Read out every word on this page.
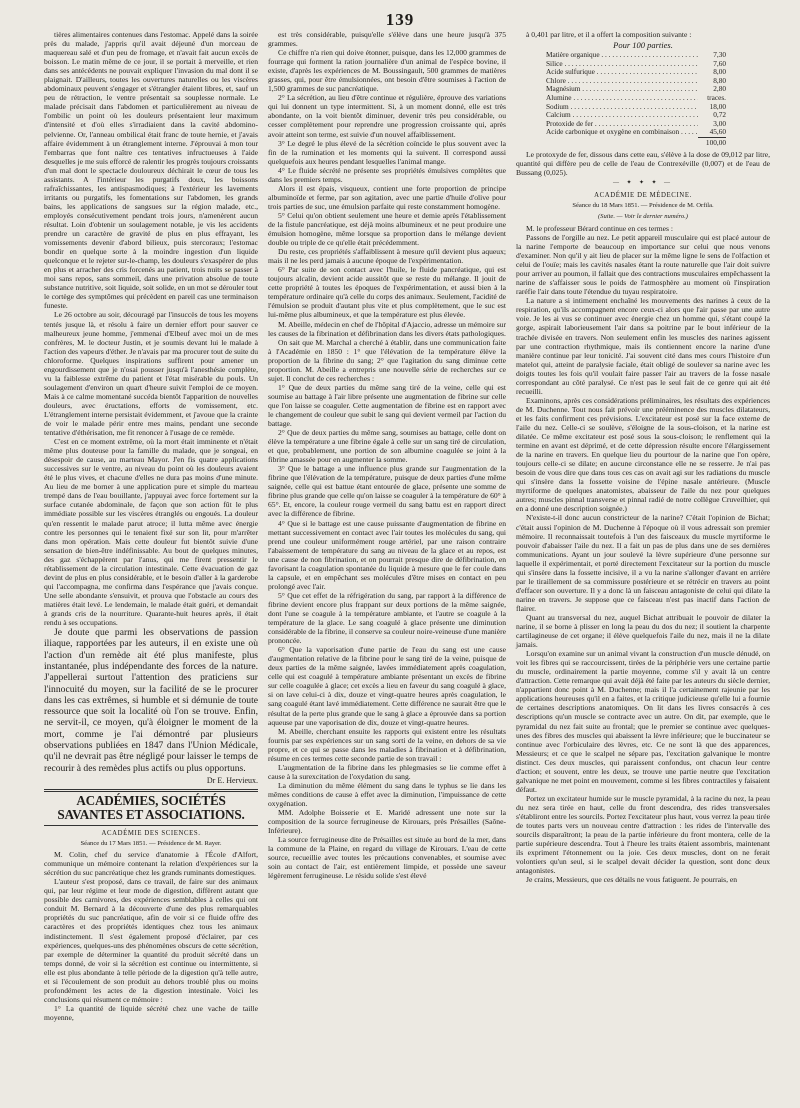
139

tières alimentaires contenues dans l'estomac. Appelé dans la soirée près du malade, j'appris qu'il avait déjeuné d'un morceau de maquereau salé et d'un peu de fromage, et n'avait fait aucun excès de boisson. Le matin même de ce jour, il se portait à merveille, et rien dans ses antécédents ne pouvait expliquer l'invasion du mal dont il se plaignait. D'ailleurs, toutes les ouvertures naturelles ou les viscères abdominaux peuvent s'engager et s'étrangler étaient libres, et, sauf un peu de rétraction, le ventre présentait sa souplesse normale. Le malade précisait dans l'abdomen et particulièrement au niveau de l'ombilic un point où les douleurs présentaient leur maximum d'intensité et d'où elles s'irradiaient dans la cavité abdomino-pelvienne. Or, l'anneau ombilical était franc de toute hernie, et j'avais affaire évidemment à un étranglement interne. J'éprouvai à mon tour l'embarras que font naître ces tentatives infructueuses à l'aide desquelles je me suis efforcé de ralentir les progrès toujours croissants d'un mal dont le spectacle douloureux déchirait le cœur de tous les assistants. A l'intérieur les purgatifs doux, les boissons rafraîchissantes, les antispasmodiques; à l'extérieur les lavements irritants ou purgatifs, les fomentations sur l'abdomen, les grands bains, les applications de sangsues sur la région malade, etc., employés consécutivement pendant trois jours, n'amenèrent aucun résultat. Loin d'obtenir un soulagement notable, je vis les accidents prendre un caractère de gravité de plus en plus effrayant, les vomissements devenir d'abord bilieux, puis stercoraux; l'estomac bondir en quelque sorte à la moindre ingestion d'un liquide quelconque et le rejeter sur-le-champ, les douleurs s'exaspérer de plus en plus et arracher des cris forcenés au patient, trois nuits se passer à moi sans repos, sans sommeil, dans une privation absolue de toute substance nutritive, soit liquide, soit solide, en un mot se dérouler tout le cortège des symptômes qui précèdent en pareil cas une terminaison funeste.

Le 26 octobre au soir, découragé par l'insuccès de tous les moyens tentés jusque là, et résolu à faire un dernier effort pour sauver ce malheureux jeune homme, j'emmenai d'Elbeuf avec moi un de mes confrères, M. le docteur Justin, et je soumis devant lui le malade à l'action des vapeurs d'éther. Je n'avais par ma procurer tout de suite du chloroforme. Quelques inspirations suffirent pour amener un engourdissement que je n'osai pousser jusqu'à l'anesthésie complète, vu la faiblesse extrême du patient et l'état misérable du pouls. Un soulagement d'environ un quart d'heure suivit l'emploi de ce moyen. Mais à ce calme momentané succéda bientôt l'apparition de nouvelles douleurs, avec éructations, efforts de vomissement, etc. L'étranglement interne persistait évidemment, et j'avoue que la crainte de voir le malade périr entre mes mains, pendant une seconde tentative d'éthérisation, me fit renoncer à l'usage de ce remède.

C'est en ce moment extrême, où la mort était imminente et n'était même plus douteuse pour la famille du malade, que je songeai, en désespoir de cause, au marteau Mayor. J'en fis quatre applications successives sur le ventre, au niveau du point où les douleurs avaient été le plus vives, et chacune d'elles ne dura pas moins d'une minute. Au lieu de me borner à une application pure et simple du marteau trempé dans de l'eau bouillante, j'appuyai avec force fortement sur la surface cutanée abdominale, de façon que son action fût le plus immédiate possible sur les viscères étranglés ou engoués. La douleur qu'en ressentit le malade parut atroce; il lutta même avec énergie contre les personnes qui le tenaient fixé sur son lit, pour m'arrêter dans mon opération. Mais cette douleur fut bientôt suivie d'une sensation de bien-être indéfinissable. Au bout de quelques minutes, des gaz s'échappèrent par l'anus, qui me firent pressentir le rétablissement de la circulation intestinale. Cette évacuation de gaz devint de plus en plus considérable, et le besoin d'aller à la garderobe qui l'accompagna, me confirma dans l'espérance que j'avais conçue. Une selle abondante s'ensuivit, et prouva que l'obstacle au cours des matières était levé. Le lendemain, le malade était guéri, et demandait à grands cris de la nourriture. Quarante-huit heures après, il était rendu à ses occupations.

Je doute que parmi les observations de passion iliaque, rapportées par les auteurs, il en existe une où l'action d'un remède ait été plus manifeste, plus instantanée, plus indépendante des forces de la nature. J'appellerai surtout l'attention des praticiens sur l'innocuité du moyen, sur la facilité de se le procurer dans les cas extrêmes, si humble et si démunie de toute ressource que soit la localité où l'on se trouve. Enfin, ne servit-il, ce moyen, qu'à éloigner le moment de la mort, comme je l'ai démontré par plusieurs observations publiées en 1847 dans l'Union Médicale, qu'il ne devrait pas être négligé pour laisser le temps de recourir à des remèdes plus actifs ou plus opportuns.

Dr E. Hervieux.
ACADÉMIES, SOCIÉTÉS SAVANTES ET ASSOCIATIONS.
ACADÉMIE DES SCIENCES.
Séance du 17 Mars 1851. — Présidence de M. Rayer.

M. Colin, chef du service d'anatomie à l'École d'Alfort, communique un mémoire contenant la relation d'expériences sur la sécrétion du suc pancréatique chez les grands ruminants domestiques.

L'auteur s'est proposé, dans ce travail, de faire sur des animaux qui, par leur régime et leur mode de digestion, diffèrent autant que possible des carnivores, des expériences semblables à celles qui ont conduit M. Bernard à la découverte d'une des plus remarquables propriétés du suc pancréatique, afin de voir si ce fluide offre des caractères et des propriétés identiques chez tous les animaux indistinctement. Il s'est également proposé d'éclairer, par ces expériences, quelques-uns des phénomènes obscurs de cette sécrétion, par exemple de déterminer la quantité du produit sécrété dans un temps donné, de voir si la sécrétion est continue ou intermittente, si elle est plus abondante à telle période de la digestion qu'à telle autre, et si l'écoulement de son produit au dehors troublé plus ou moins profondément les actes de la digestion intestinale. Voici les conclusions qui résument ce mémoire :

1° La quantité de liquide sécrété chez une vache de taille moyenne,

est très considérable, puisqu'elle s'élève dans une heure jusqu'à 375 grammes.

Ce chiffre n'a rien qui doive étonner, puisque, dans les 12,000 grammes de fourrage qui forment la ration journalière d'un animal de l'espèce bovine, il existe, d'après les expériences de M. Boussingault, 500 grammes de matières grasses, qui, pour être émulsionnées, ont besoin d'être soumises à l'action de 1,500 grammes de suc pancréatique.

2° La sécrétion, au lieu d'être continue et régulière, éprouve des variations qui lui donnent un type intermittent. Si, à un moment donné, elle est très abondante, on la voit bientôt diminuer, devenir très peu considérable, ou cesser complètement pour reprendre une progression croissante qui, après avoir atteint son terme, est suivie d'un nouvel affaiblissement.

3° Le degré le plus élevé de la sécrétion coïncide le plus souvent avec la fin de la rumination et les moments qui la suivent. Il correspond aussi quelquefois aux heures pendant lesquelles l'animal mange.

4° Le fluide sécrété ne présente ses propriétés émulsives complètes que dans les premiers temps.

Alors il est épais, visqueux, contient une forte proportion de principe albuminoïde et ferme, par son agitation, avec une partie d'huile d'olive pour trois parties de suc, une émulsion parfaite qui reste constamment homogène.

5° Celui qu'on obtient seulement une heure et demie après l'établissement de la fistule pancréatique, est déjà moins albumineux et ne peut produire une émulsion homogène, même lorsque sa proportion dans le mélange devient double ou triple de ce qu'elle était précédemment.

Du reste, ces propriétés s'affaiblissent à mesure qu'il devient plus aqueux; mais il ne les perd jamais à aucune époque de l'expérimentation.

6° Par suite de son contact avec l'huile, le fluide pancréatique, qui est toujours alcalin, devient acide aussitôt que se reste du mélange. Il jouit de cette propriété à toutes les époques de l'expérimentation, et aussi bien à la température ordinaire qu'à celle du corps des animaux. Seulement, l'acidité de l'émulsion se produit d'autant plus vite et plus complètement, que le suc est lui-même plus albumineux, et que la température est plus élevée.

M. Abeille, médecin en chef de l'hôpital d'Ajaccio, adresse un mémoire sur les causes de la fibrination et défibrination dans les divers états pathologiques.

On sait que M. Marchal a cherché à établir, dans une communication faite à l'Académie en 1850 : 1° que l'élévation de la température élève la proportion de la fibrine du sang; 2° que l'agitation du sang diminue cette proportion. M. Abeille a entrepris une nouvelle série de recherches sur ce sujet. Il conclut de ces recherches :

1° Que de deux parties du même sang tiré de la veine, celle qui est soumise au battage à l'air libre présente une augmentation de fibrine sur celle que l'on laisse se coaguler. Cette augmentation de fibrine est en rapport avec le changement de couleur que subit le sang qui devient vermeil par l'action du battage.

2° Que de deux parties du même sang, soumises au battage, celle dont on élève la température a une fibrine égale à celle sur un sang tiré de circulation, et que, probablement, une portion de son albumine coagulée se joint à la fibrine amassée pour en augmenter la somme.

3° Que le battage a une influence plus grande sur l'augmentation de la fibrine que l'élévation de la température, puisque de deux parties d'une même saignée, celle qui est battue étant entourée de glace, présente une somme de fibrine plus grande que celle qu'on laisse se coaguler à la température de 60° à 65°. Et, encore, la couleur rouge vermeil du sang battu est en rapport direct avec la différence de fibrine.

4° Que si le battage est une cause puissante d'augmentation de fibrine en mettant successivement en contact avec l'air toutes les molécules du sang, qui prend une couleur uniformément rouge artériel, par une raison contraire l'abaissement de température du sang au niveau de la glace et au repos, est une cause de non fibrination, et on pourrait presque dire de défibrination, en favorisant la coagulation spontanée du liquide à mesure que le fer coule dans la capsule, et en empêchant ses molécules d'être mises en contact en peu prolongé avec l'air.

5° Que cet effet de la réfrigération du sang, par rapport à la différence de fibrine devient encore plus frappant sur deux portions de la même saignée, dont l'une se coagule à la température ambiante, et l'autre se coagule à la température de la glace. Le sang coagulé à glace présente une diminution considérable de la fibrine, il conserve sa couleur noire-veineuse d'une manière prononcée.

6° Que la vaporisation d'une partie de l'eau du sang est une cause d'augmentation relative de la fibrine pour le sang tiré de la veine, puisque de deux parties de la même saignée, lavées immédiatement après coagulation, celle qui est coagulé à température ambiante présentant un excès de fibrine sur celle coagulée à glace; cet excès a lieu en faveur du sang coagulé à glace, si on lave celui-ci à dix, douze et vingt-quatre heures après coagulation, le sang coagulé étant lavé immédiatement. Cette différence ne saurait être que le résultat de la perte plus grande que le sang à glace a éprouvée dans sa portion aqueuse par une vaporisation de dix, douze et vingt-quatre heures.

M. Abeille, cherchant ensuite les rapports qui existent entre les résultats fournis par ses expériences sur un sang sorti de la veine, en dehors de sa vie propre, et ce qui se passe dans les maladies à fibrination et à défibrination, résume en ces termes cette seconde partie de son travail :

L'augmentation de la fibrine dans les phlegmasies se lie comme effet à cause à la surexcitation de l'oxydation du sang.

La diminution du même élément du sang dans le typhus se lie dans les mêmes conditions de cause à effet avec la diminution, l'impuissance de cette oxygénation.

MM. Adolphe Boisserie et E. Maridé adressent une note sur la composition de la source ferrugineuse de Kirouars, près Présailles (Saône-Inférieure).

La source ferrugineuse dite de Présailles est située au bord de la mer, dans la commune de la Plaine, en regard du village de Kirouars. L'eau de cette source, recueillie avec toutes les précautions convenables, et soumise avec soin au contact de l'air, est entièrement limpide, et possède une saveur légèrement ferrugineuse. Le résidu solide s'est élevé

à 0,401 par litre, et il a offert la composition suivante :

Pour 100 parties.
Matière organique . . .	7,30
Silice . . .	7,60
Acide sulfurique . . .	8,00
Chlore . . .	8,80
Magnésium . . .	2,80
Alumine . . .	traces.
Sodium . . .	18,00
Calcium . . .	0,72
Protoxide de fer . . .	3,00
Acide carbonique et oxygène en combinaison . . .	45,60
100,00

Le protoxyde de fer, dissous dans cette eau, s'élève à la dose de 09,012 par litre, quantité qui diffère peu de celle de l'eau de Contrexéville (0,007) et de l'eau de Bussang (0,025).

— ✦ ✦ ✦ —
ACADÉMIE DE MÉDECINE.
Séance du 18 Mars 1851. — Présidence de M. Orfila.
(Suite. — Voir le dernier numéro.)

M. le professeur Bérard continue en ces termes :

Passons de l'orgille au nez. Le petit appareil musculaire qui est placé autour de la narine l'emporte de beaucoup en importance sur celui que nous venons d'examiner. Non qu'il y ait lieu de placer sur la même ligne le sens de l'olfaction et celui de l'ouïe; mais les cavités nasales étant la route naturelle que l'air doit suivre pour arriver au poumon, il fallait que des contractions musculaires empêchassent la narine de s'affaisser sous le poids de l'atmosphère au moment où l'inspiration raréfie l'air dans toute l'étendue du tuyau respiratoire.

La nature a si intimement enchaîné les mouvements des narines à ceux de la respiration, qu'ils accompagnent encore ceux-ci alors que l'air passe par une autre voie. Je les ai vus se continuer avec énergie chez un homme qui, s'étant coupé la gorge, aspirait laborieusement l'air dans sa poitrine par le bout inférieur de la trachée divisée en travers. Non seulement enfin les muscles des narines agissent par une contraction rhythmique, mais ils contiennent encore la narine d'une manière continue par leur tonicité. J'ai souvent cité dans mes cours l'histoire d'un matelot qui, atteint de paralysie faciale, était obligé de soulever sa narine avec les doigts toutes les fois qu'il voulait faire passer l'air au travers de la fosse nasale correspondant au côté paralysé. Ce n'est pas le seul fait de ce genre qui ait été recueilli.

Examinons, après ces considérations préliminaires, les résultats des expériences de M. Duchenne. Tout nous fait prévoir une prééminence des muscles dilatateurs, et les faits confirment ces prévisions. L'excitateur est posé sur la face externe de l'aile du nez. Celle-ci se soulève, s'éloigne de la sous-cloison, et la narine est dilatée. Ce même excitateur est posé sous la sous-cloison; le renflement qui la termine en avant est déprimé, et de cette dépression résulte encore l'élargissement de la narine en travers. En quelque lieu du pourtour de la narine que l'on opère, toujours celle-ci se dilate; en aucune circonstance elle ne se resserre. Je n'ai pas besoin de vous dire que dans tous ces cas on avait agi sur les radiations du muscle qui s'insère dans la fossette voisine de l'épine nasale antérieure. (Muscle myrtiforme de quelques anatomistes, abaisseur de l'aile du nez pour quelques autres; muscles pinnal transverse et pinnal radié de notre collègue Cruveilhier, qui en a donné une description soignée.)

N'existe-t-il donc aucun constricteur de la narine? C'était l'opinion de Bichat; c'était aussi l'opinion de M. Duchenne à l'époque où il vous adressait son premier mémoire. Il reconnaissait toutefois à l'un des faisceaux du muscle myrtiforme le pouvoir d'abaisser l'aile du nez. Il a fait un pas de plus dans une de ses dernières communications. Ayant un jour soulevé la lèvre supérieure d'une personne sur laquelle il expérimentait, et porté directement l'excitateur sur la portion du muscle qui s'insère dans la fossette incisive, il a vu la narine s'allonger d'avant en arrière par le tiraillement de sa commissure postérieure et se rétrécir en travers au point d'effacer son ouverture. Il y a donc là un faisceau antagoniste de celui qui dilate la narine en travers. Je suppose que ce faisceau n'est pas inactif dans l'action de flairer.

Quant au transversal du nez, auquel Bichat attribuait le pouvoir de dilater la narine, il se borne à plisser en long la peau du dos du nez; il soutient la charpente cartilagineuse de cet organe; il élève quelquefois l'aile du nez, mais il ne la dilate jamais.

Lorsqu'on examine sur un animal vivant la construction d'un muscle dénudé, on voit les fibres qui se raccourcissent, tirées de la périphérie vers une certaine partie du muscle, ordinairement la partie moyenne, comme s'il y avait là un centre d'attraction. Cette remarque qui avait déjà été faite par les auteurs du siècle dernier, n'appartient donc point à M. Duchenne; mais il l'a certainement rajeunie par les applications heureuses qu'il en a faites, et la critique judicieuse qu'elle lui a fournie de certaines descriptions anatomiques. On lit dans les livres consacrés à ces descriptions qu'un muscle se contracte avec un autre. On dit, par exemple, que le pyramidal du nez fait suite au frontal; que le premier se continue avec quelques-unes des fibres des muscles qui abaissent la lèvre inférieure; que le buccinateur se continue avec l'orbiculaire des lèvres, etc. Ce ne sont là que des apparences, Messieurs; et ce que le scalpel ne sépare pas, l'excitation galvanique le montre distinct. Ces deux muscles, qui paraissent confondus, ont chacun leur centre d'action; et souvent, entre les deux, se trouve une partie neutre que l'excitation galvanique ne met point en mouvement, comme si les fibres contractiles y faisaient défaut.

Portez un excitateur humide sur le muscle pyramidal, à la racine du nez, la peau du nez sera tirée en haut, celle du front descendra, des rides transversales s'établiront entre les sourcils. Portez l'excitateur plus haut, vous verrez la peau tirée de toutes parts vers un nouveau centre d'attraction : les rides de l'intervalle des sourcils disparaîtront; la peau de la partie inférieure du front montera, celle de la partie supérieure descendra. Tout à l'heure les traits étaient assombris, maintenant ils expriment l'étonnement ou la joie. Ces deux muscles, dont on ne ferait volontiers qu'un seul, si le scalpel devait décider la question, sont donc deux antagonistes.

Je crains, Messieurs, que ces détails ne vous fatiguent. Je pourrais, en
